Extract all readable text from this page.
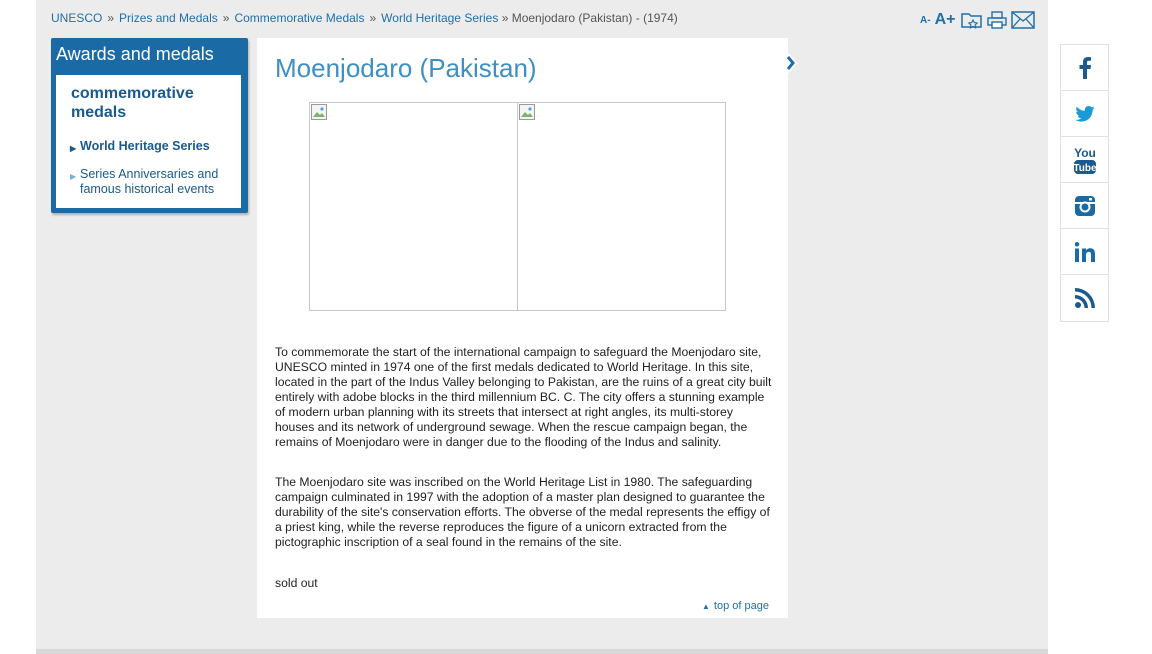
UNESCO » Prizes and Medals » Commemorative Medals » World Heritage Series » Moenjodaro (Pakistan) - (1974)	A- A+
Awards and medals
commemorative medals
▶ World Heritage Series
▶ Series Anniversaries and famous historical events
Moenjodaro (Pakistan)

To commemorate the start of the international campaign to safeguard the Moenjodaro site, UNESCO minted in 1974 one of the first medals dedicated to World Heritage. In this site, located in the part of the Indus Valley belonging to Pakistan, are the ruins of a great city built entirely with adobe blocks in the third millennium BC. C. The city offers a stunning example of modern urban planning with its streets that intersect at right angles, its multi-storey houses and its network of underground sewage. When the rescue campaign began, the remains of Moenjodaro were in danger due to the flooding of the Indus and salinity.

The Moenjodaro site was inscribed on the World Heritage List in 1980. The safeguarding campaign culminated in 1997 with the adoption of a master plan designed to guarantee the durability of the site's conservation efforts. The obverse of the medal represents the effigy of a priest king, while the reverse reproduces the figure of a unicorn extracted from the pictographic inscription of a seal found in the remains of the site.

sold out

▲ top of page
You
Tube
